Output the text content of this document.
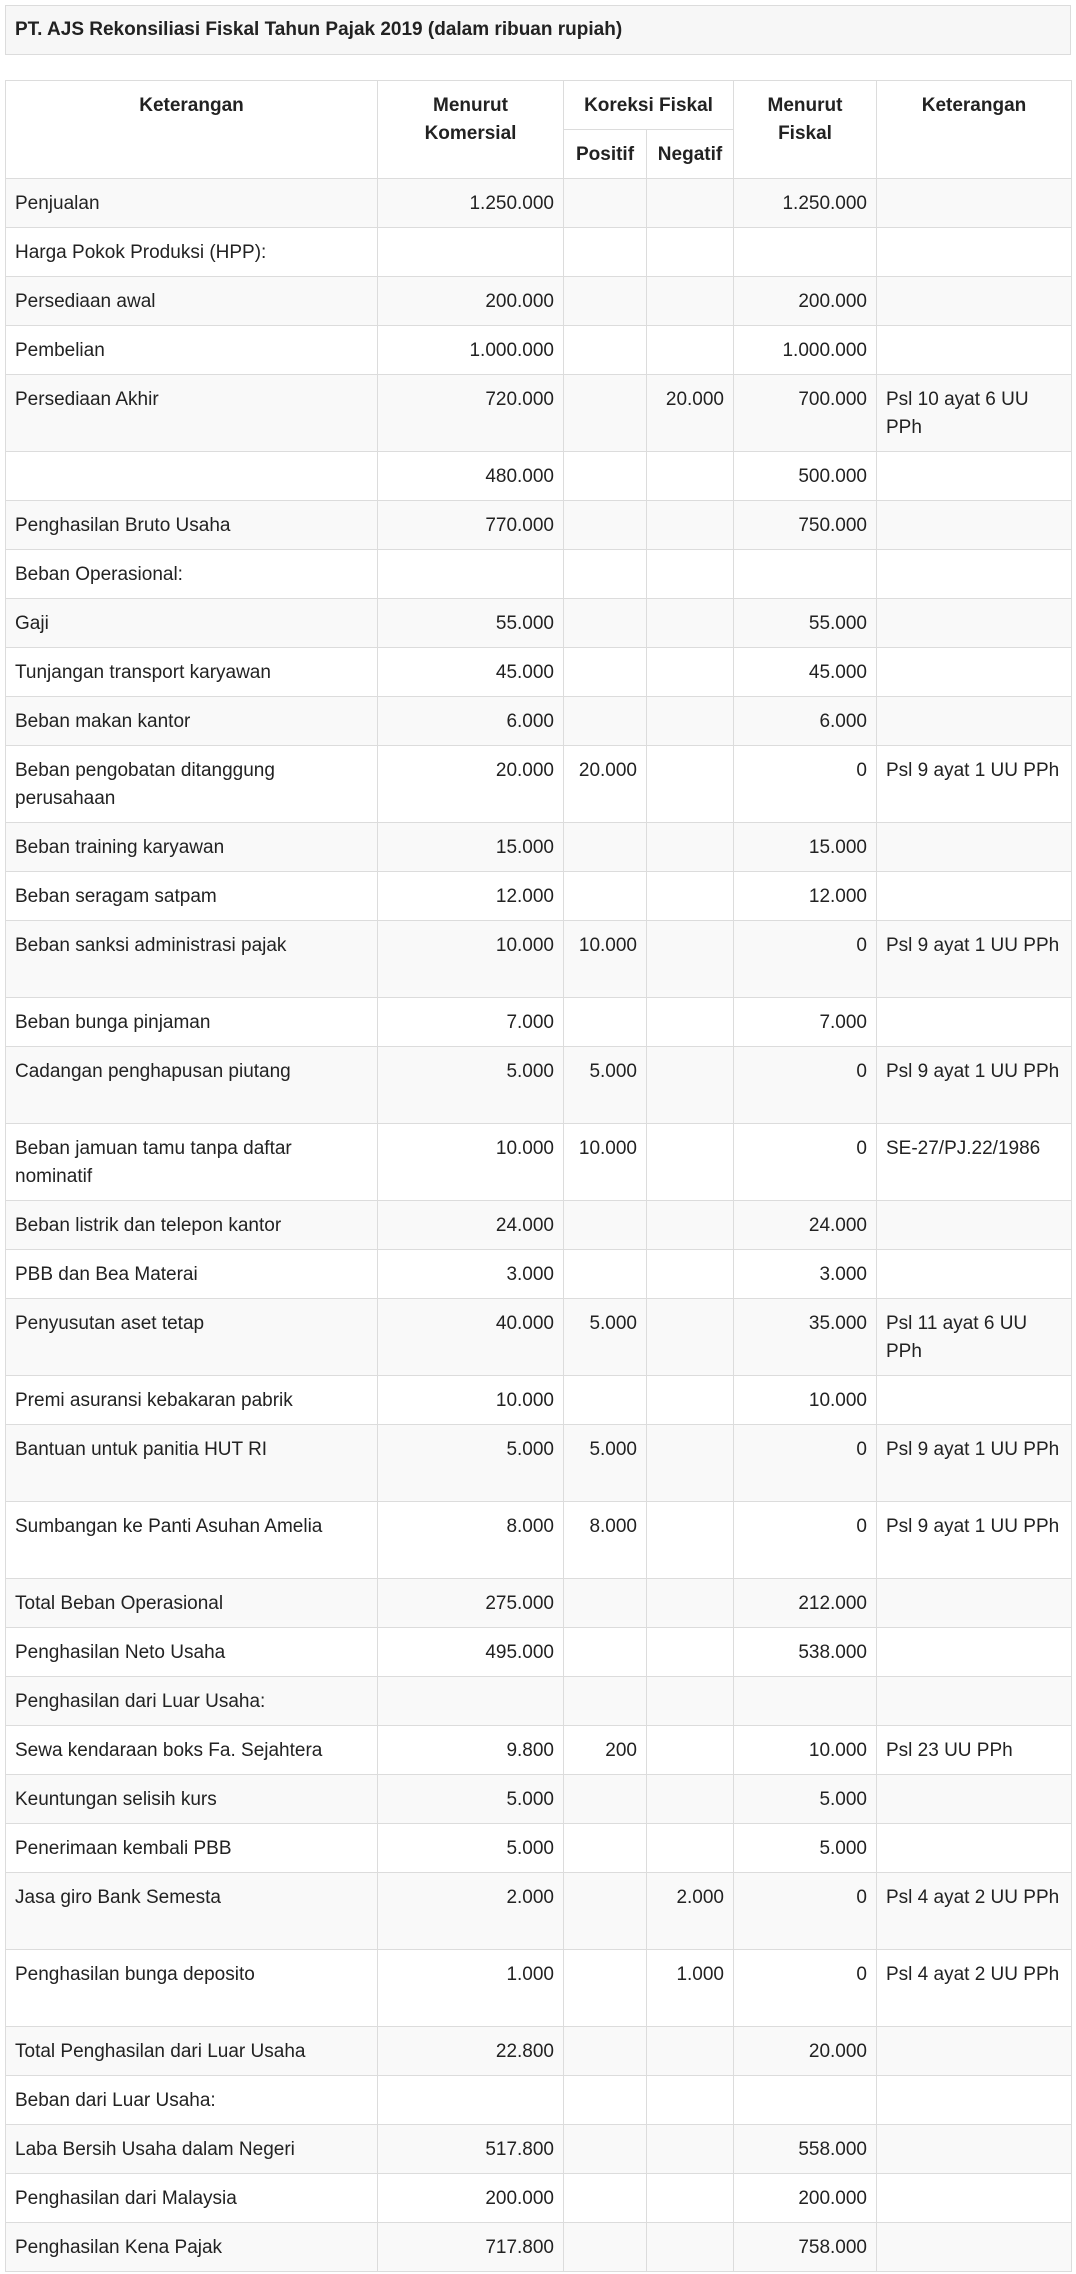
PT. AJS Rekonsiliasi Fiskal Tahun Pajak 2019 (dalam ribuan rupiah)
Keterangan	Menurut Komersial	Koreksi Fiskal		Menurut Fiskal	Keterangan
		Positif	Negatif		
Penjualan	1.250.000			1.250.000	
Harga Pokok Produksi (HPP):					
Persediaan awal	200.000			200.000	
Pembelian	1.000.000			1.000.000	
Persediaan Akhir	720.000		20.000	700.000	Psl 10 ayat 6 UU PPh
	480.000			500.000	
Penghasilan Bruto Usaha	770.000			750.000	
Beban Operasional:					
Gaji	55.000			55.000	
Tunjangan transport karyawan	45.000			45.000	
Beban makan kantor	6.000			6.000	
Beban pengobatan ditanggung perusahaan	20.000	20.000		0	Psl 9 ayat 1 UU PPh
Beban training karyawan	15.000			15.000	
Beban seragam satpam	12.000			12.000	
Beban sanksi administrasi pajak	10.000	10.000		0	Psl 9 ayat 1 UU PPh
Beban bunga pinjaman	7.000			7.000	
Cadangan penghapusan piutang	5.000	5.000		0	Psl 9 ayat 1 UU PPh
Beban jamuan tamu tanpa daftar nominatif	10.000	10.000		0	SE-27/PJ.22/1986
Beban listrik dan telepon kantor	24.000			24.000	
PBB dan Bea Materai	3.000			3.000	
Penyusutan aset tetap	40.000	5.000		35.000	Psl 11 ayat 6 UU PPh
Premi asuransi kebakaran pabrik	10.000			10.000	
Bantuan untuk panitia HUT RI	5.000	5.000		0	Psl 9 ayat 1 UU PPh
Sumbangan ke Panti Asuhan Amelia	8.000	8.000		0	Psl 9 ayat 1 UU PPh
Total Beban Operasional	275.000			212.000	
Penghasilan Neto Usaha	495.000			538.000	
Penghasilan dari Luar Usaha:					
Sewa kendaraan boks Fa. Sejahtera	9.800	200		10.000	Psl 23 UU PPh
Keuntungan selisih kurs	5.000			5.000	
Penerimaan kembali PBB	5.000			5.000	
Jasa giro Bank Semesta	2.000		2.000	0	Psl 4 ayat 2 UU PPh
Penghasilan bunga deposito	1.000		1.000	0	Psl 4 ayat 2 UU PPh
Total Penghasilan dari Luar Usaha	22.800			20.000	
Beban dari Luar Usaha:					
Laba Bersih Usaha dalam Negeri	517.800			558.000	
Penghasilan dari Malaysia	200.000			200.000	
Penghasilan Kena Pajak	717.800			758.000	
